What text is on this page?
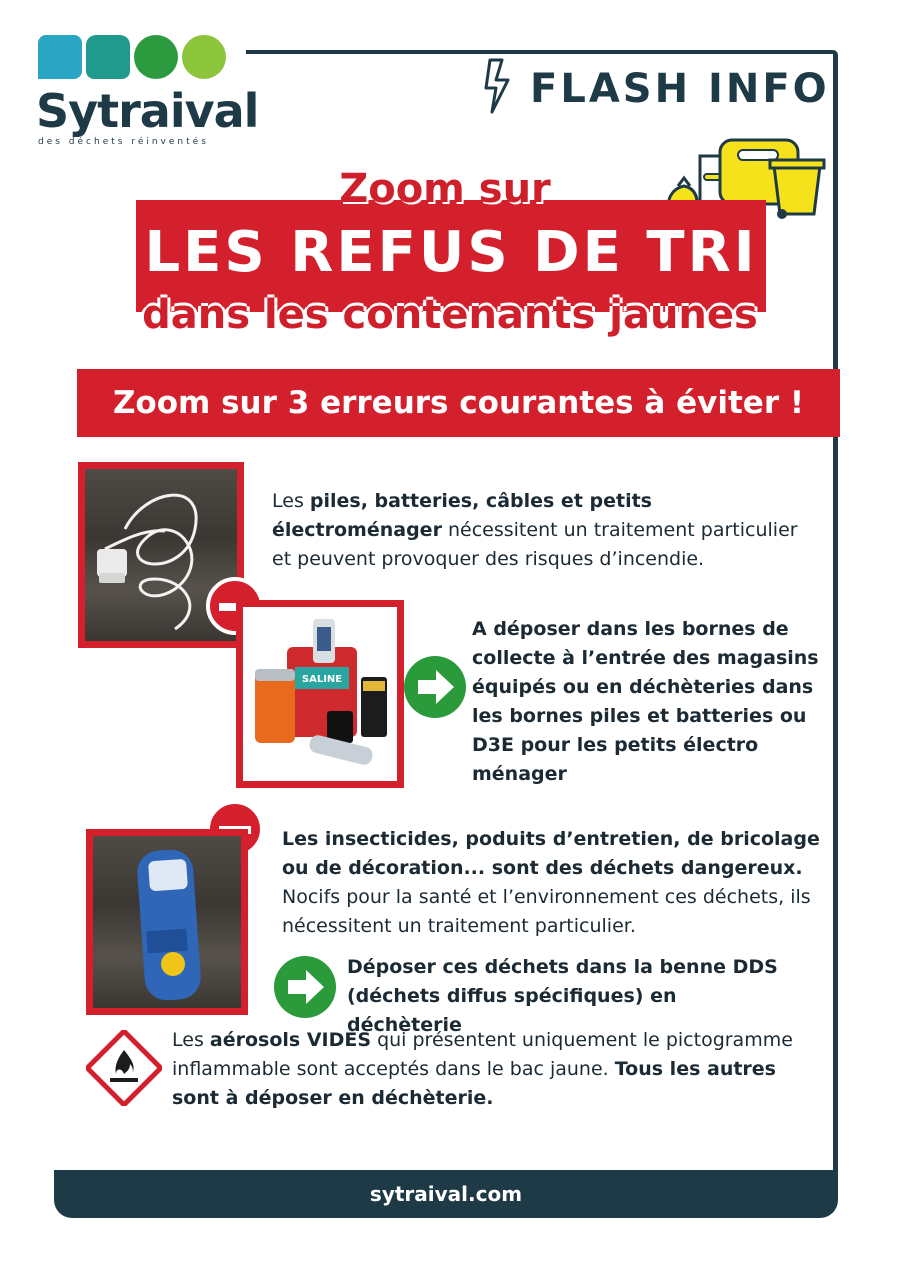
Sytraival
des déchets réinventés
FLASH INFO
Zoom sur
LES REFUS DE TRI
dans les contenants jaunes
Zoom sur 3 erreurs courantes à éviter !
Les piles, batteries, câbles et petits électroménager nécessitent un traitement particulier et peuvent provoquer des risques d’incendie.
SALINE
A déposer dans les bornes de collecte à l’entrée des magasins équipés ou en déchèteries dans les bornes piles et batteries ou D3E pour les petits électro ménager
Les insecticides, poduits d’entretien, de bricolage ou de décoration... sont des déchets dangereux.
Nocifs pour la santé et l’environnement ces déchets, ils nécessitent un traitement particulier.
Déposer ces déchets dans la benne DDS (déchets diffus spécifiques) en déchèterie
Les aérosols VIDES qui présentent uniquement le pictogramme inflammable sont acceptés dans le bac jaune. Tous les autres sont à déposer en déchèterie.
sytraival.com
